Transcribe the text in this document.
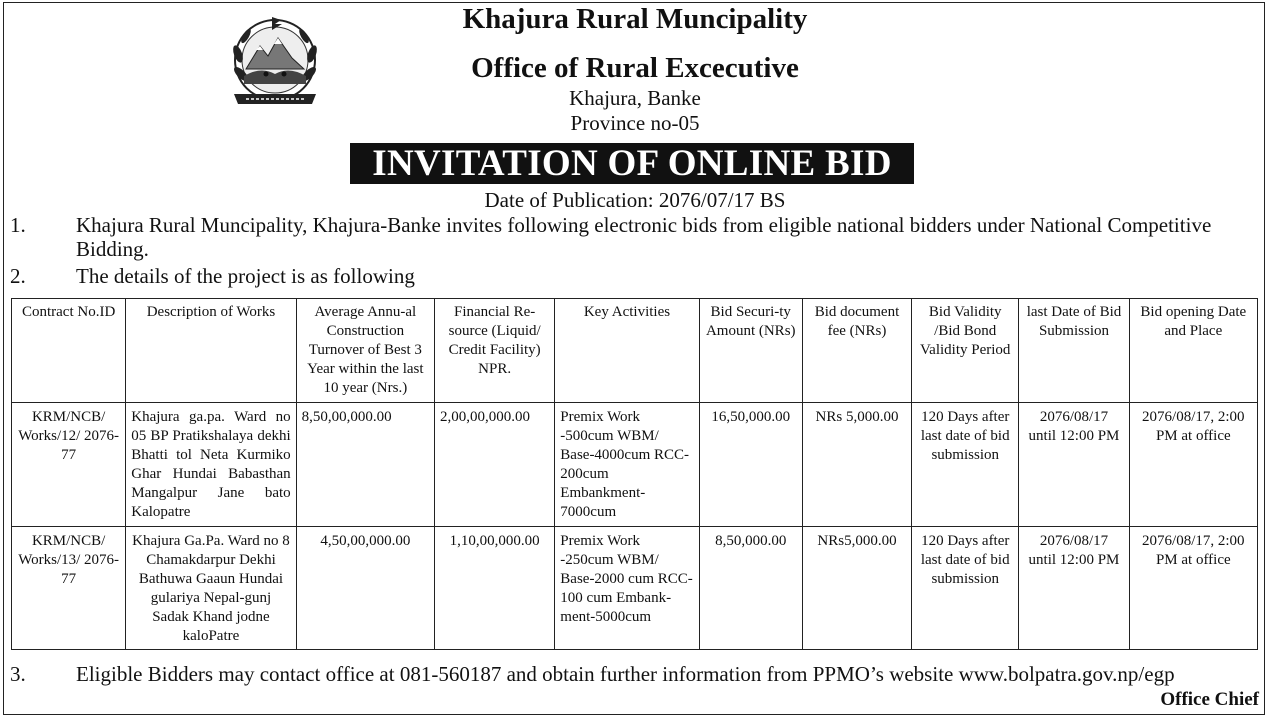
Khajura Rural Muncipality
Office of Rural Excecutive
Khajura, Banke
Province no-05
INVITATION OF ONLINE BID
Date of Publication: 2076/07/17 BS
1. Khajura Rural Muncipality, Khajura-Banke invites following electronic bids from eligible national bidders under National Competitive Bidding.
2. The details of the project is as following
Contract No.ID	Description of Works	Average Annu-al Construction Turnover of Best 3 Year within the last 10 year (Nrs.)	Financial Re-source (Liquid/ Credit Facility) NPR.	Key Activities	Bid Securi-ty Amount (NRs)	Bid document fee (NRs)	Bid Validity /Bid Bond Validity Period	last Date of Bid Submission	Bid opening Date and Place
KRM/NCB/ Works/12/ 2076-77	Khajura ga.pa. Ward no 05 BP Pratikshalaya dekhi Bhatti tol Neta Kurmiko Ghar Hundai Babasthan Mangalpur Jane bato Kalopatre	8,50,00,000.00	2,00,00,000.00	Premix Work -500cum WBM/ Base-4000cum RCC-200cum Embankment-7000cum	16,50,000.00	NRs 5,000.00	120 Days after last date of bid submission	2076/08/17 until 12:00 PM	2076/08/17, 2:00 PM at office
KRM/NCB/ Works/13/ 2076-77	Khajura Ga.Pa. Ward no 8 Chamakdarpur Dekhi Bathuwa Gaaun Hundai gulariya Nepal-gunj Sadak Khand jodne kaloPatre	4,50,00,000.00	1,10,00,000.00	Premix Work -250cum WBM/ Base-2000 cum RCC- 100 cum Embank-ment-5000cum	8,50,000.00	NRs5,000.00	120 Days after last date of bid submission	2076/08/17 until 12:00 PM	2076/08/17, 2:00 PM at office
3. Eligible Bidders may contact office at 081-560187 and obtain further information from PPMO’s website www.bolpatra.gov.np/egp
Office Chief
